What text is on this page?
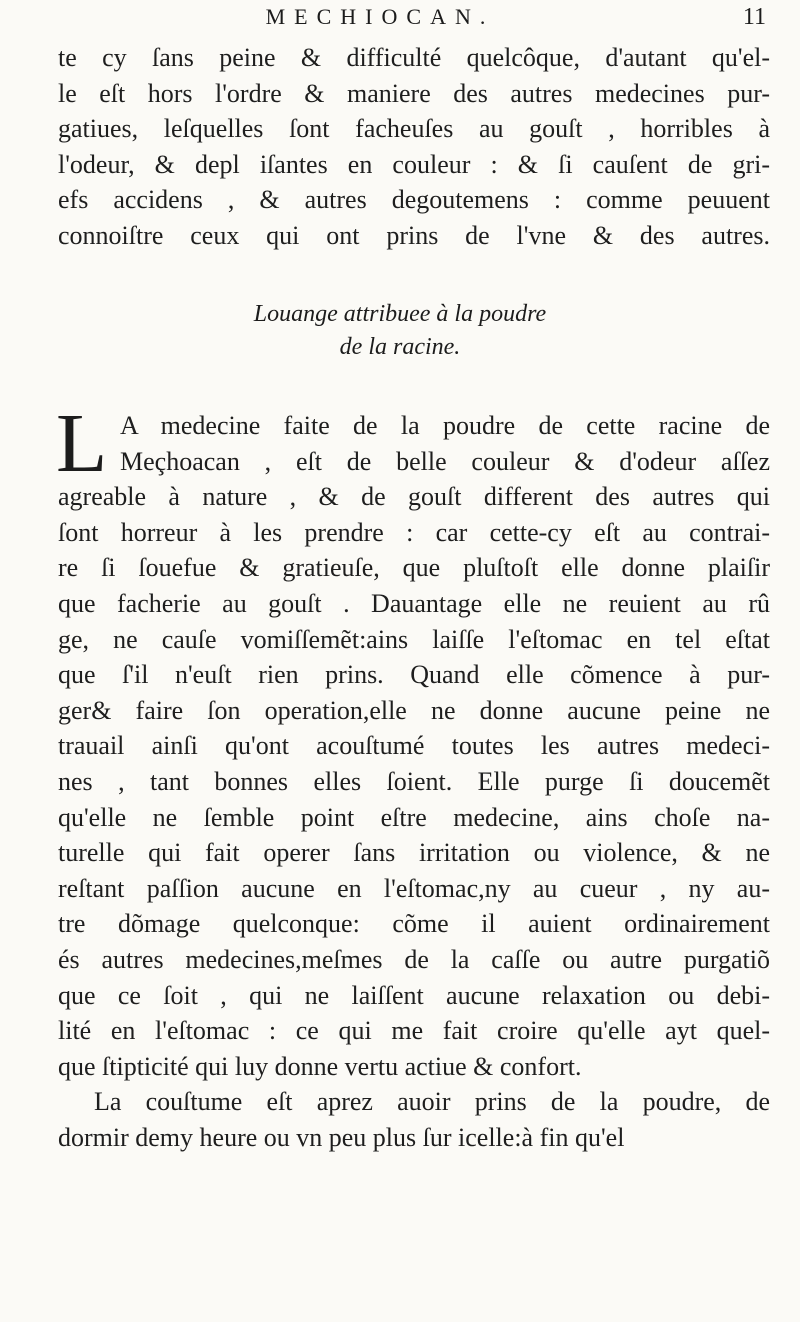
MECHIOCAN.	11
te cy ſans peine & difficulté quelcôque, d'autant qu'el-
le eſt hors l'ordre & maniere des autres medecines pur-
gatiues, leſquelles ſont facheuſes au gouſt , horribles à
l'odeur, & depl iſantes en couleur : & ſi cauſent de gri-
efs accidens , & autres degoutemens : comme peuuent
connoiſtre ceux qui ont prins de l'vne & des autres.
Louange attribuee à la poudre
de la racine.
L A medecine faite de la poudre de cette racine de
Meçhoacan , eſt de belle couleur & d'odeur aſſez
agreable à nature , & de gouſt different des autres qui
ſont horreur à les prendre : car cette-cy eſt au contrai-
re ſi ſouefue & gratieuſe, que pluſtoſt elle donne plaiſir
que facherie au gouſt . Dauantage elle ne reuient au rû
ge, ne cauſe vomiſſemẽt:ains laiſſe l'eſtomac en tel eſtat
que ſ'il n'euſt rien prins. Quand elle cõmence à pur-
ger& faire ſon operation,elle ne donne aucune peine ne
trauail ainſi qu'ont acouſtumé toutes les autres medeci-
nes , tant bonnes elles ſoient. Elle purge ſi doucemẽt
qu'elle ne ſemble point eſtre medecine, ains choſe na-
turelle qui fait operer ſans irritation ou violence, & ne
reſtant paſſion aucune en l'eſtomac,ny au cueur , ny au-
tre dõmage quelconque: cõme il auient ordinairement
és autres medecines,meſmes de la caſſe ou autre purgatiõ
que ce ſoit , qui ne laiſſent aucune relaxation ou debi-
lité en l'eſtomac : ce qui me fait croire qu'elle ayt quel-
que ſtipticité qui luy donne vertu actiue & confort.
La couſtume eſt aprez auoir prins de la poudre, de
dormir demy heure ou vn peu plus ſur icelle:à fin qu'el
